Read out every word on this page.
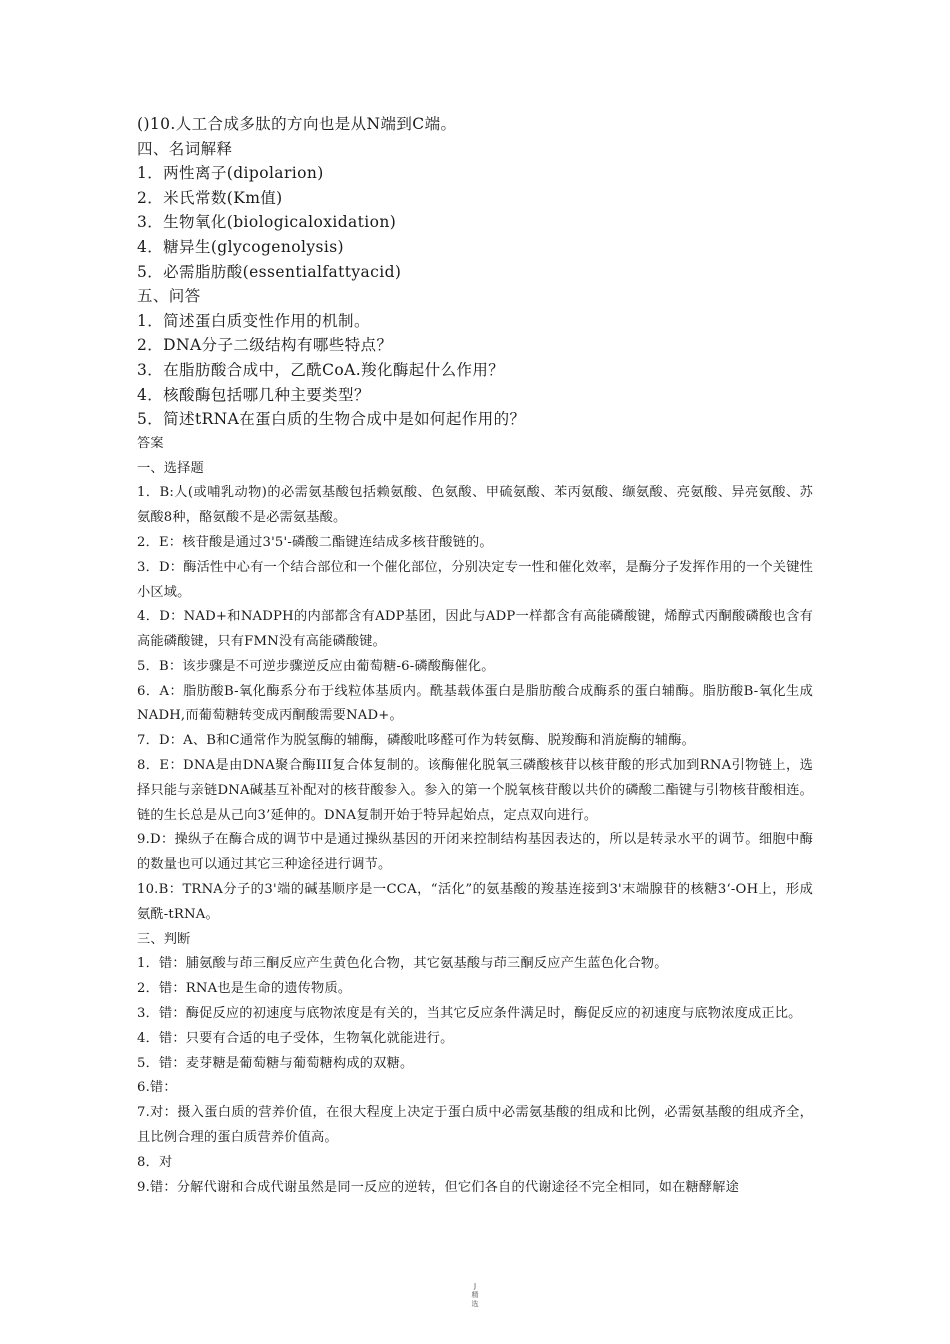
()10.人工合成多肽的方向也是从N端到C端。
四、名词解释
1．两性离子(dipolarion)
2．米氏常数(Km值)
3．生物氧化(biologicaloxidation)
4．糖异生(glycogenolysis)
5．必需脂肪酸(essentialfattyacid)
五、问答
1．简述蛋白质变性作用的机制。
2．DNA分子二级结构有哪些特点？
3．在脂肪酸合成中，乙酰CoA.羧化酶起什么作用？
4．核酸酶包括哪几种主要类型？
5．简述tRNA在蛋白质的生物合成中是如何起作用的？
答案
一、选择题
1．B:人(或哺乳动物)的必需氨基酸包括赖氨酸、色氨酸、甲硫氨酸、苯丙氨酸、缬氨酸、亮氨酸、异亮氨酸、苏氨酸8种，酪氨酸不是必需氨基酸。
2．E：核苷酸是通过3'5'-磷酸二酯键连结成多核苷酸链的。
3．D：酶活性中心有一个结合部位和一个催化部位，分别决定专一性和催化效率，是酶分子发挥作用的一个关键性小区域。
4．D：NAD+和NADPH的内部都含有ADP基团，因此与ADP一样都含有高能磷酸键，烯醇式丙酮酸磷酸也含有高能磷酸键，只有FMN没有高能磷酸键。
5．B：该步骤是不可逆步骤逆反应由葡萄糖-6-磷酸酶催化。
6．A：脂肪酸B-氧化酶系分布于线粒体基质内。酰基载体蛋白是脂肪酸合成酶系的蛋白辅酶。脂肪酸B-氧化生成NADH,而葡萄糖转变成丙酮酸需要NAD+。
7．D：A、B和C通常作为脱氢酶的辅酶，磷酸吡哆醛可作为转氨酶、脱羧酶和消旋酶的辅酶。
8．E：DNA是由DNA聚合酶III复合体复制的。该酶催化脱氧三磷酸核苷以核苷酸的形式加到RNA引物链上，选择只能与亲链DNA碱基互补配对的核苷酸参入。参入的第一个脱氧核苷酸以共价的磷酸二酯键与引物核苷酸相连。链的生长总是从己向3’延伸的。DNA复制开始于特异起始点，定点双向进行。
9.D：操纵子在酶合成的调节中是通过操纵基因的开闭来控制结构基因表达的，所以是转录水平的调节。细胞中酶的数量也可以通过其它三种途径进行调节。
10.B：TRNA分子的3'端的碱基顺序是一CCA，“活化”的氨基酸的羧基连接到3'末端腺苷的核糖3‘-OH上，形成氨酰-tRNA。
三、判断
1．错：脯氨酸与茚三酮反应产生黄色化合物，其它氨基酸与茚三酮反应产生蓝色化合物。
2．错：RNA也是生命的遗传物质。
3．错：酶促反应的初速度与底物浓度是有关的，当其它反应条件满足时，酶促反应的初速度与底物浓度成正比。
4．错：只要有合适的电子受体，生物氧化就能进行。
5．错：麦芽糖是葡萄糖与葡萄糖构成的双糖。
6.错：
7.对：摄入蛋白质的营养价值，在很大程度上决定于蛋白质中必需氨基酸的组成和比例，必需氨基酸的组成齐全，且比例合理的蛋白质营养价值高。
8．对
9.错：分解代谢和合成代谢虽然是同一反应的逆转，但它们各自的代谢途径不完全相同，如在糖酵解途
J
精
选
